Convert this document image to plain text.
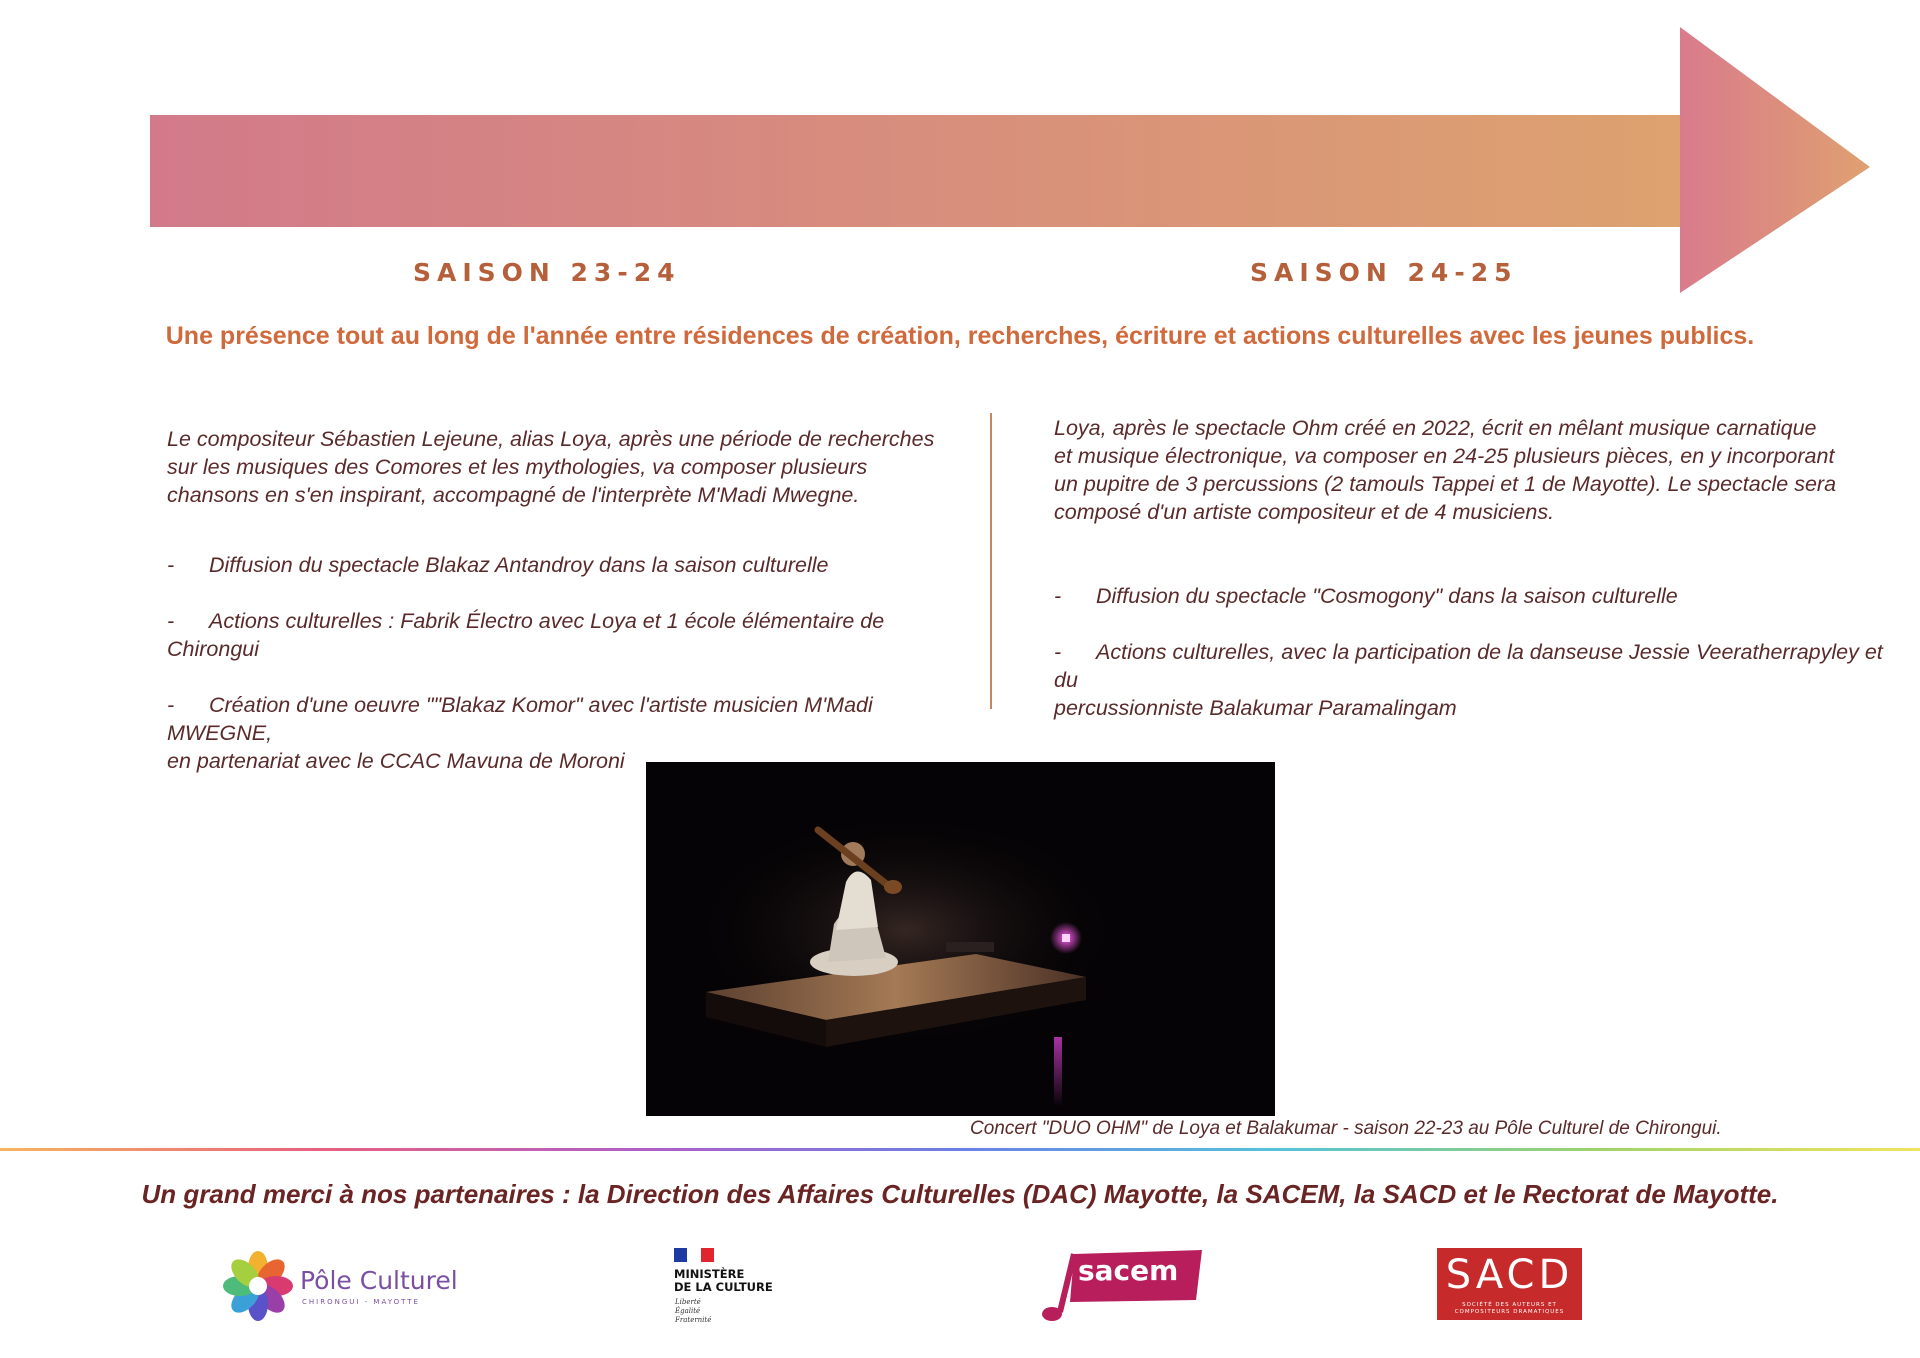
SAISON 23-24	SAISON 24-25
Une présence tout au long de l'année entre résidences de création, recherches, écriture et actions culturelles avec les jeunes publics.

Le compositeur Sébastien Lejeune, alias Loya, après une période de recherches
sur les musiques des Comores et les mythologies, va composer plusieurs
chansons en s'en inspirant, accompagné de l'interprète M'Madi Mwegne.

- Diffusion du spectacle Blakaz Antandroy dans la saison culturelle

- Actions culturelles : Fabrik Électro avec Loya et 1 école élémentaire de Chirongui

- Création d'une oeuvre ""Blakaz Komor" avec l'artiste musicien M'Madi MWEGNE,
en partenariat avec le CCAC Mavuna de Moroni

Loya, après le spectacle Ohm créé en 2022, écrit en mêlant musique carnatique
et musique électronique, va composer en 24-25 plusieurs pièces, en y incorporant
un pupitre de 3 percussions (2 tamouls Tappei et 1 de Mayotte). Le spectacle sera
composé d'un artiste compositeur et de 4 musiciens.

- Diffusion du spectacle "Cosmogony" dans la saison culturelle

- Actions culturelles, avec la participation de la danseuse Jessie Veeratherrapyley et du
percussionniste Balakumar Paramalingam

Concert "DUO OHM" de Loya et Balakumar - saison 22-23 au Pôle Culturel de Chirongui.
Un grand merci à nos partenaires : la Direction des Affaires Culturelles (DAC) Mayotte, la SACEM, la SACD et le Rectorat de Mayotte.
Pôle Culturel
CHIRONGUI - MAYOTTE
MINISTÈRE
DE LA CULTURE
Liberté
Égalité
Fraternité
sacem	SACD
SOCIÉTÉ DES AUTEURS ET
COMPOSITEURS DRAMATIQUES
